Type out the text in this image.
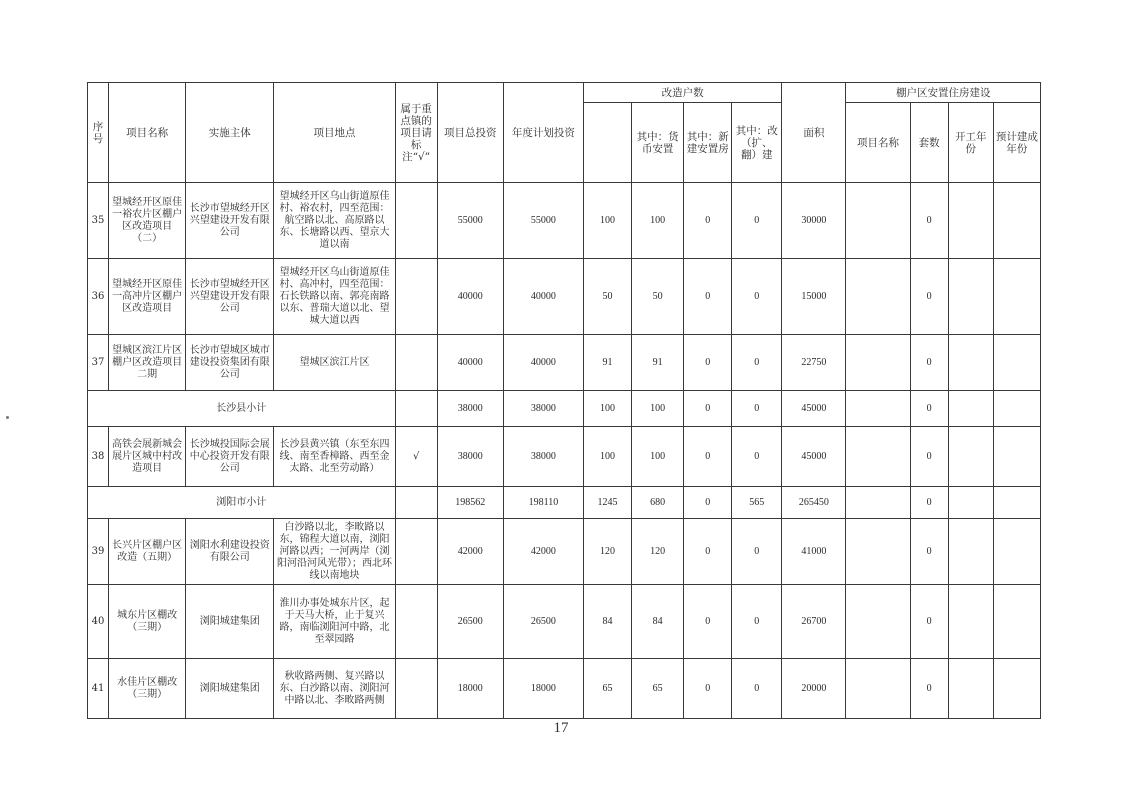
序号	项目名称	实施主体	项目地点	属于重点镇的项目请标注“√”	项目总投资	年度计划投资	改造户数				面积	棚户区安置住房建设			
								其中：货币安置	其中：新建安置房	其中：改（扩、翻）建		项目名称	套数	开工年份	预计建成年份
35	望城经开区原佳一裕农片区棚户区改造项目（二）	长沙市望城经开区兴望建设开发有限公司	望城经开区乌山街道原佳村、裕农村，四至范围：航空路以北、高原路以东、长塘路以西、望京大道以南		55000	55000	100	100	0	0	30000		0		
36	望城经开区原佳一高冲片区棚户区改造项目	长沙市望城经开区兴望建设开发有限公司	望城经开区乌山街道原佳村、高冲村，四至范围：石长铁路以南、郭亮南路以东、普瑞大道以北、望城大道以西		40000	40000	50	50	0	0	15000		0		
37	望城区滨江片区棚户区改造项目二期	长沙市望城区城市建设投资集团有限公司	望城区滨江片区		40000	40000	91	91	0	0	22750		0		
长沙县小计					38000	38000	100	100	0	0	45000		0		
38	高铁会展新城会展片区城中村改造项目	长沙城投国际会展中心投资开发有限公司	长沙县黄兴镇（东至东四线、南至香樟路、西至金太路、北至劳动路）	√	38000	38000	100	100	0	0	45000		0		
浏阳市小计					198562	198110	1245	680	0	565	265450		0		
39	长兴片区棚户区改造（五期）	浏阳水利建设投资有限公司	白沙路以北，李畋路以东，锦程大道以南，浏阳河路以西；一河两岸（浏阳河沿河风光带）；西北环线以南地块		42000	42000	120	120	0	0	41000		0		
40	城东片区棚改（三期）	浏阳城建集团	淮川办事处城东片区，起于天马大桥，止于复兴路，南临浏阳河中路，北至翠园路		26500	26500	84	84	0	0	26700		0		
41	水佳片区棚改（三期）	浏阳城建集团	秋收路两侧、复兴路以东、白沙路以南、浏阳河中路以北、李畋路两侧		18000	18000	65	65	0	0	20000		0		
17
